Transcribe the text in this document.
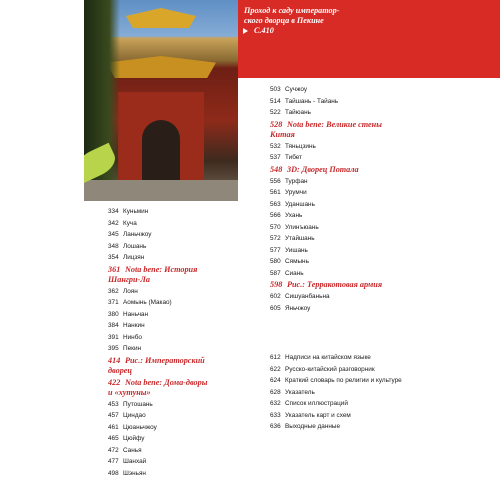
Проход к саду император-
ского дворца в Пекине
С.410
334 Куньмин
342 Куча
345 Ланьчжоу
348 Лошань
354 Лицзян
361 Nota bene: История
Шангри-Ла
362 Лоян
371 Аомынь (Макао)
380 Наньчан
384 Нанкин
391 Нинбо
395 Пекин
414 Рис.: Императорский
дворец
422 Nota bene: Дома-дворы
и «хутуны»
453 Путошань
457 Циндао
461 Цюаньчжоу
465 Цюйфу
472 Санья
477 Шанхай
498 Шэньян
503 Сучжоу
514 Тайшань - Тайань
522 Тайюань
528 Nota bene: Великие стены
Китая
532 Тяньцзинь
537 Тибет
548 3D: Дворец Потала
556 Турфан
561 Урумчи
563 Уданшань
566 Ухань
570 Улинъюань
572 Утайшань
577 Уишань
580 Сямынь
587 Сиань
598 Рис.: Терракотовая армия
602 Сишуанбаньна
605 Яньчжоу
612 Надписи на китайском языке
622 Русско-китайский разговорник
624 Краткий словарь по религии и культуре
628 Указатель
632 Список иллюстраций
633 Указатель карт и схем
636 Выходные данные
